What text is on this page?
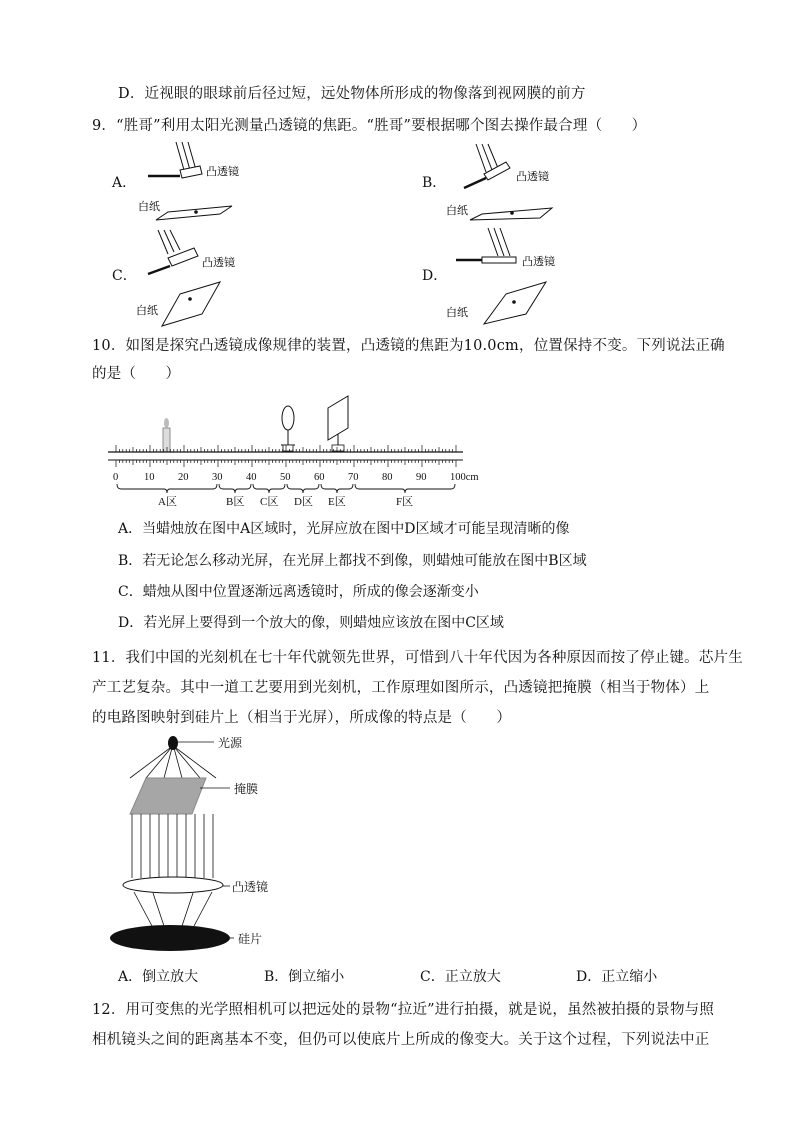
D．近视眼的眼球前后径过短，远处物体所形成的物像落到视网膜的前方
9．“胜哥”利用太阳光测量凸透镜的焦距。“胜哥”要根据哪个图去操作最合理（　　）
A．	B．
C．	D．
凸透镜
白纸
凸透镜
白纸
凸透镜
白纸
凸透镜
白纸
10．如图是探究凸透镜成像规律的装置，凸透镜的焦距为10.0cm，位置保持不变。下列说法正确
的是（　　）
0 10 20 30 40 50 60 70 80 90 100cm
A区	B区 C区 D区 E区	F区
A．当蜡烛放在图中A区域时，光屏应放在图中D区域才可能呈现清晰的像
B．若无论怎么移动光屏，在光屏上都找不到像，则蜡烛可能放在图中B区域
C．蜡烛从图中位置逐渐远离透镜时，所成的像会逐渐变小
D．若光屏上要得到一个放大的像，则蜡烛应该放在图中C区域
11．我们中国的光刻机在七十年代就领先世界，可惜到八十年代因为各种原因而按了停止键。芯片生
产工艺复杂。其中一道工艺要用到光刻机，工作原理如图所示，凸透镜把掩膜（相当于物体）上
的电路图映射到硅片上（相当于光屏），所成像的特点是（　　）
光源
掩膜
凸透镜
硅片
A．倒立放大	B．倒立缩小	C．正立放大	D．正立缩小
12．用可变焦的光学照相机可以把远处的景物“拉近”进行拍摄，就是说，虽然被拍摄的景物与照
相机镜头之间的距离基本不变，但仍可以使底片上所成的像变大。关于这个过程，下列说法中正
